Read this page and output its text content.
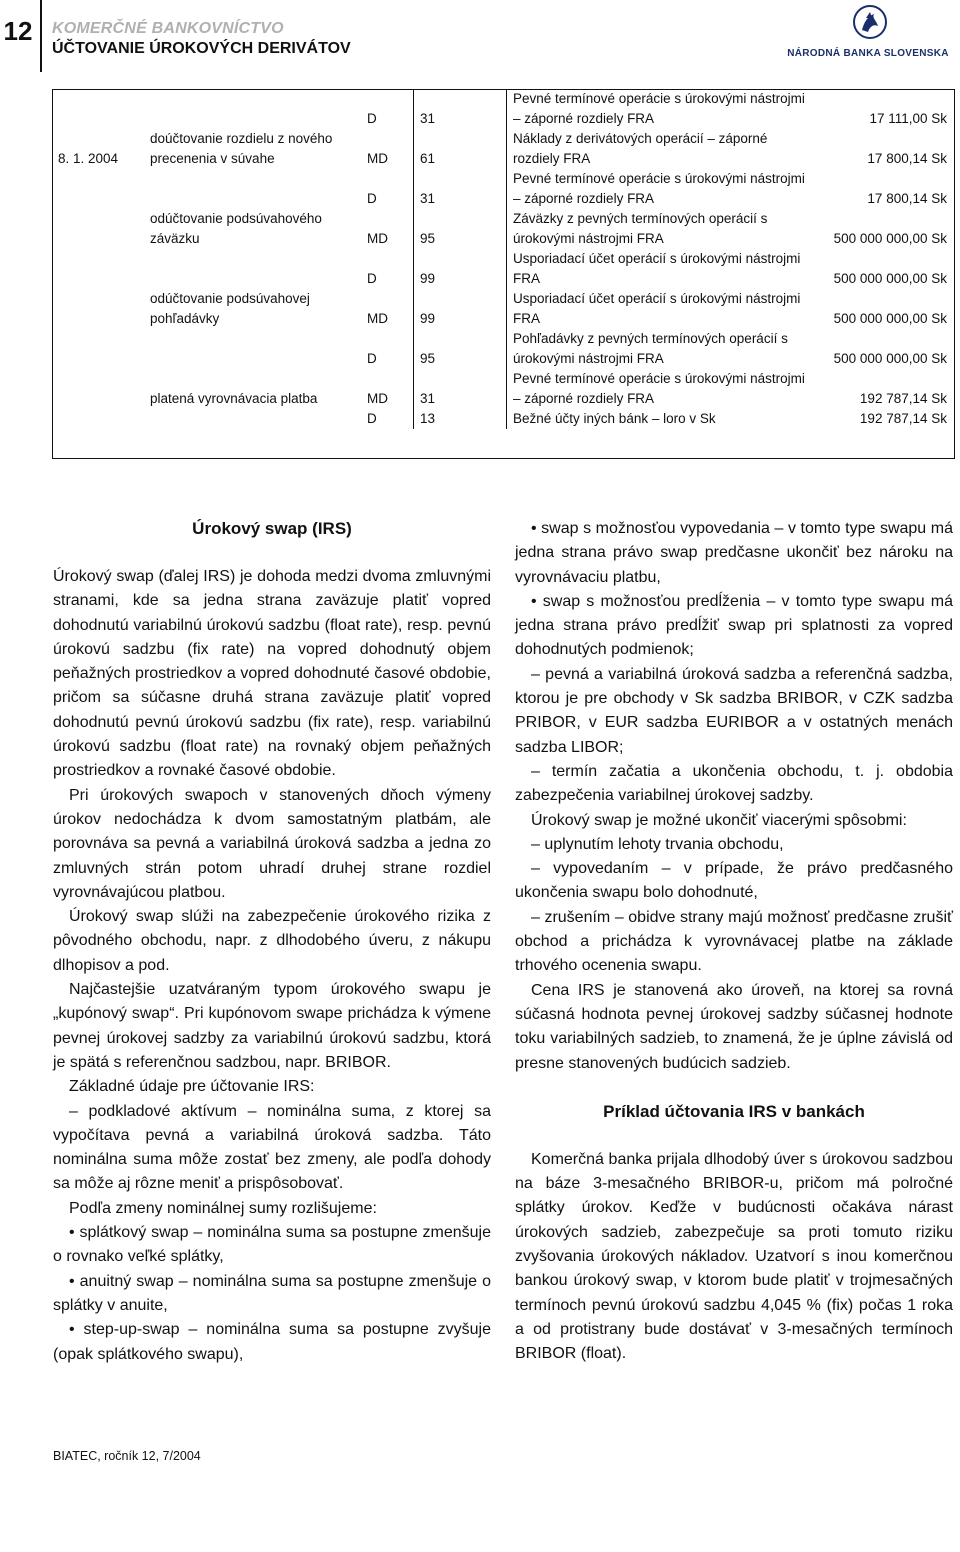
12 KOMERČNÉ BANKOVNÍCTVO
ÚČTOVANIE ÚROKOVÝCH DERIVÁTOV	NÁRODNÁ BANKA SLOVENSKA
		D	31	Pevné termínové operácie s úrokovými nástrojmi – záporné rozdiely FRA	17 111,00 Sk
8. 1. 2004	doúčtovanie rozdielu z nového precenenia v súvahe	MD	61	Náklady z derivátových operácií – záporné rozdiely FRA	17 800,14 Sk
		D	31	Pevné termínové operácie s úrokovými nástrojmi – záporné rozdiely FRA	17 800,14 Sk
	odúčtovanie podsúvahového záväzku	MD	95	Záväzky z pevných termínových operácií s úrokovými nástrojmi FRA	500 000 000,00 Sk
		D	99	Usporiadací účet operácií s úrokovými nástrojmi FRA	500 000 000,00 Sk
	odúčtovanie podsúvahovej pohľadávky	MD	99	Usporiadací účet operácií s úrokovými nástrojmi FRA	500 000 000,00 Sk
		D	95	Pohľadávky z pevných termínových operácií s úrokovými nástrojmi FRA	500 000 000,00 Sk
	platená vyrovnávacia platba	MD	31	Pevné termínové operácie s úrokovými nástrojmi – záporné rozdiely FRA	192 787,14 Sk
		D	13	Bežné účty iných bánk – loro v Sk	192 787,14 Sk
Úrokový swap (IRS)

Úrokový swap (ďalej IRS) je dohoda medzi dvoma zmluvnými stranami, kde sa jedna strana zaväzuje platiť vopred dohodnutú variabilnú úrokovú sadzbu (float rate), resp. pevnú úrokovú sadzbu (fix rate) na vopred dohodnutý objem peňažných prostriedkov a vopred dohodnuté časové obdobie, pričom sa súčasne druhá strana zaväzuje platiť vopred dohodnutú pevnú úrokovú sadzbu (fix rate), resp. variabilnú úrokovú sadzbu (float rate) na rovnaký objem peňažných prostriedkov a rovnaké časové obdobie.

Pri úrokových swapoch v stanovených dňoch výmeny úrokov nedochádza k dvom samostatným platbám, ale porovnáva sa pevná a variabilná úroková sadzba a jedna zo zmluvných strán potom uhradí druhej strane rozdiel vyrovnávajúcou platbou.

Úrokový swap slúži na zabezpečenie úrokového rizika z pôvodného obchodu, napr. z dlhodobého úveru, z nákupu dlhopisov a pod.

Najčastejšie uzatváraným typom úrokového swapu je „kupónový swap“. Pri kupónovom swape prichádza k výmene pevnej úrokovej sadzby za variabilnú úrokovú sadzbu, ktorá je spätá s referenčnou sadzbou, napr. BRIBOR.

Základné údaje pre účtovanie IRS:

– podkladové aktívum – nominálna suma, z ktorej sa vypočítava pevná a variabilná úroková sadzba. Táto nominálna suma môže zostať bez zmeny, ale podľa dohody sa môže aj rôzne meniť a prispôsobovať.

Podľa zmeny nominálnej sumy rozlišujeme:

• splátkový swap – nominálna suma sa postupne zmenšuje o rovnako veľké splátky,

• anuitný swap – nominálna suma sa postupne zmenšuje o splátky v anuite,

• step-up-swap – nominálna suma sa postupne zvyšuje (opak splátkového swapu),

• swap s možnosťou vypovedania – v tomto type swapu má jedna strana právo swap predčasne ukončiť bez nároku na vyrovnávaciu platbu,

• swap s možnosťou predĺženia – v tomto type swapu má jedna strana právo predĺžiť swap pri splatnosti za vopred dohodnutých podmienok;

– pevná a variabilná úroková sadzba a referenčná sadzba, ktorou je pre obchody v Sk sadzba BRIBOR, v CZK sadzba PRIBOR, v EUR sadzba EURIBOR a v ostatných menách sadzba LIBOR;

– termín začatia a ukončenia obchodu, t. j. obdobia zabezpečenia variabilnej úrokovej sadzby.

Úrokový swap je možné ukončiť viacerými spôsobmi:

– uplynutím lehoty trvania obchodu,

– vypovedaním – v prípade, že právo predčasného ukončenia swapu bolo dohodnuté,

– zrušením – obidve strany majú možnosť predčasne zrušiť obchod a prichádza k vyrovnávacej platbe na základe trhového ocenenia swapu.

Cena IRS je stanovená ako úroveň, na ktorej sa rovná súčasná hodnota pevnej úrokovej sadzby súčasnej hodnote toku variabilných sadzieb, to znamená, že je úplne závislá od presne stanovených budúcich sadzieb.

Príklad účtovania IRS v bankách

Komerčná banka prijala dlhodobý úver s úrokovou sadzbou na báze 3-mesačného BRIBOR-u, pričom má polročné splátky úrokov. Keďže v budúcnosti očakáva nárast úrokových sadzieb, zabezpečuje sa proti tomuto riziku zvyšovania úrokových nákladov. Uzatvorí s inou komerčnou bankou úrokový swap, v ktorom bude platiť v trojmesačných termínoch pevnú úrokovú sadzbu 4,045 % (fix) počas 1 roka a od protistrany bude dostávať v 3-mesačných termínoch BRIBOR (float).

BIATEC, ročník 12, 7/2004
